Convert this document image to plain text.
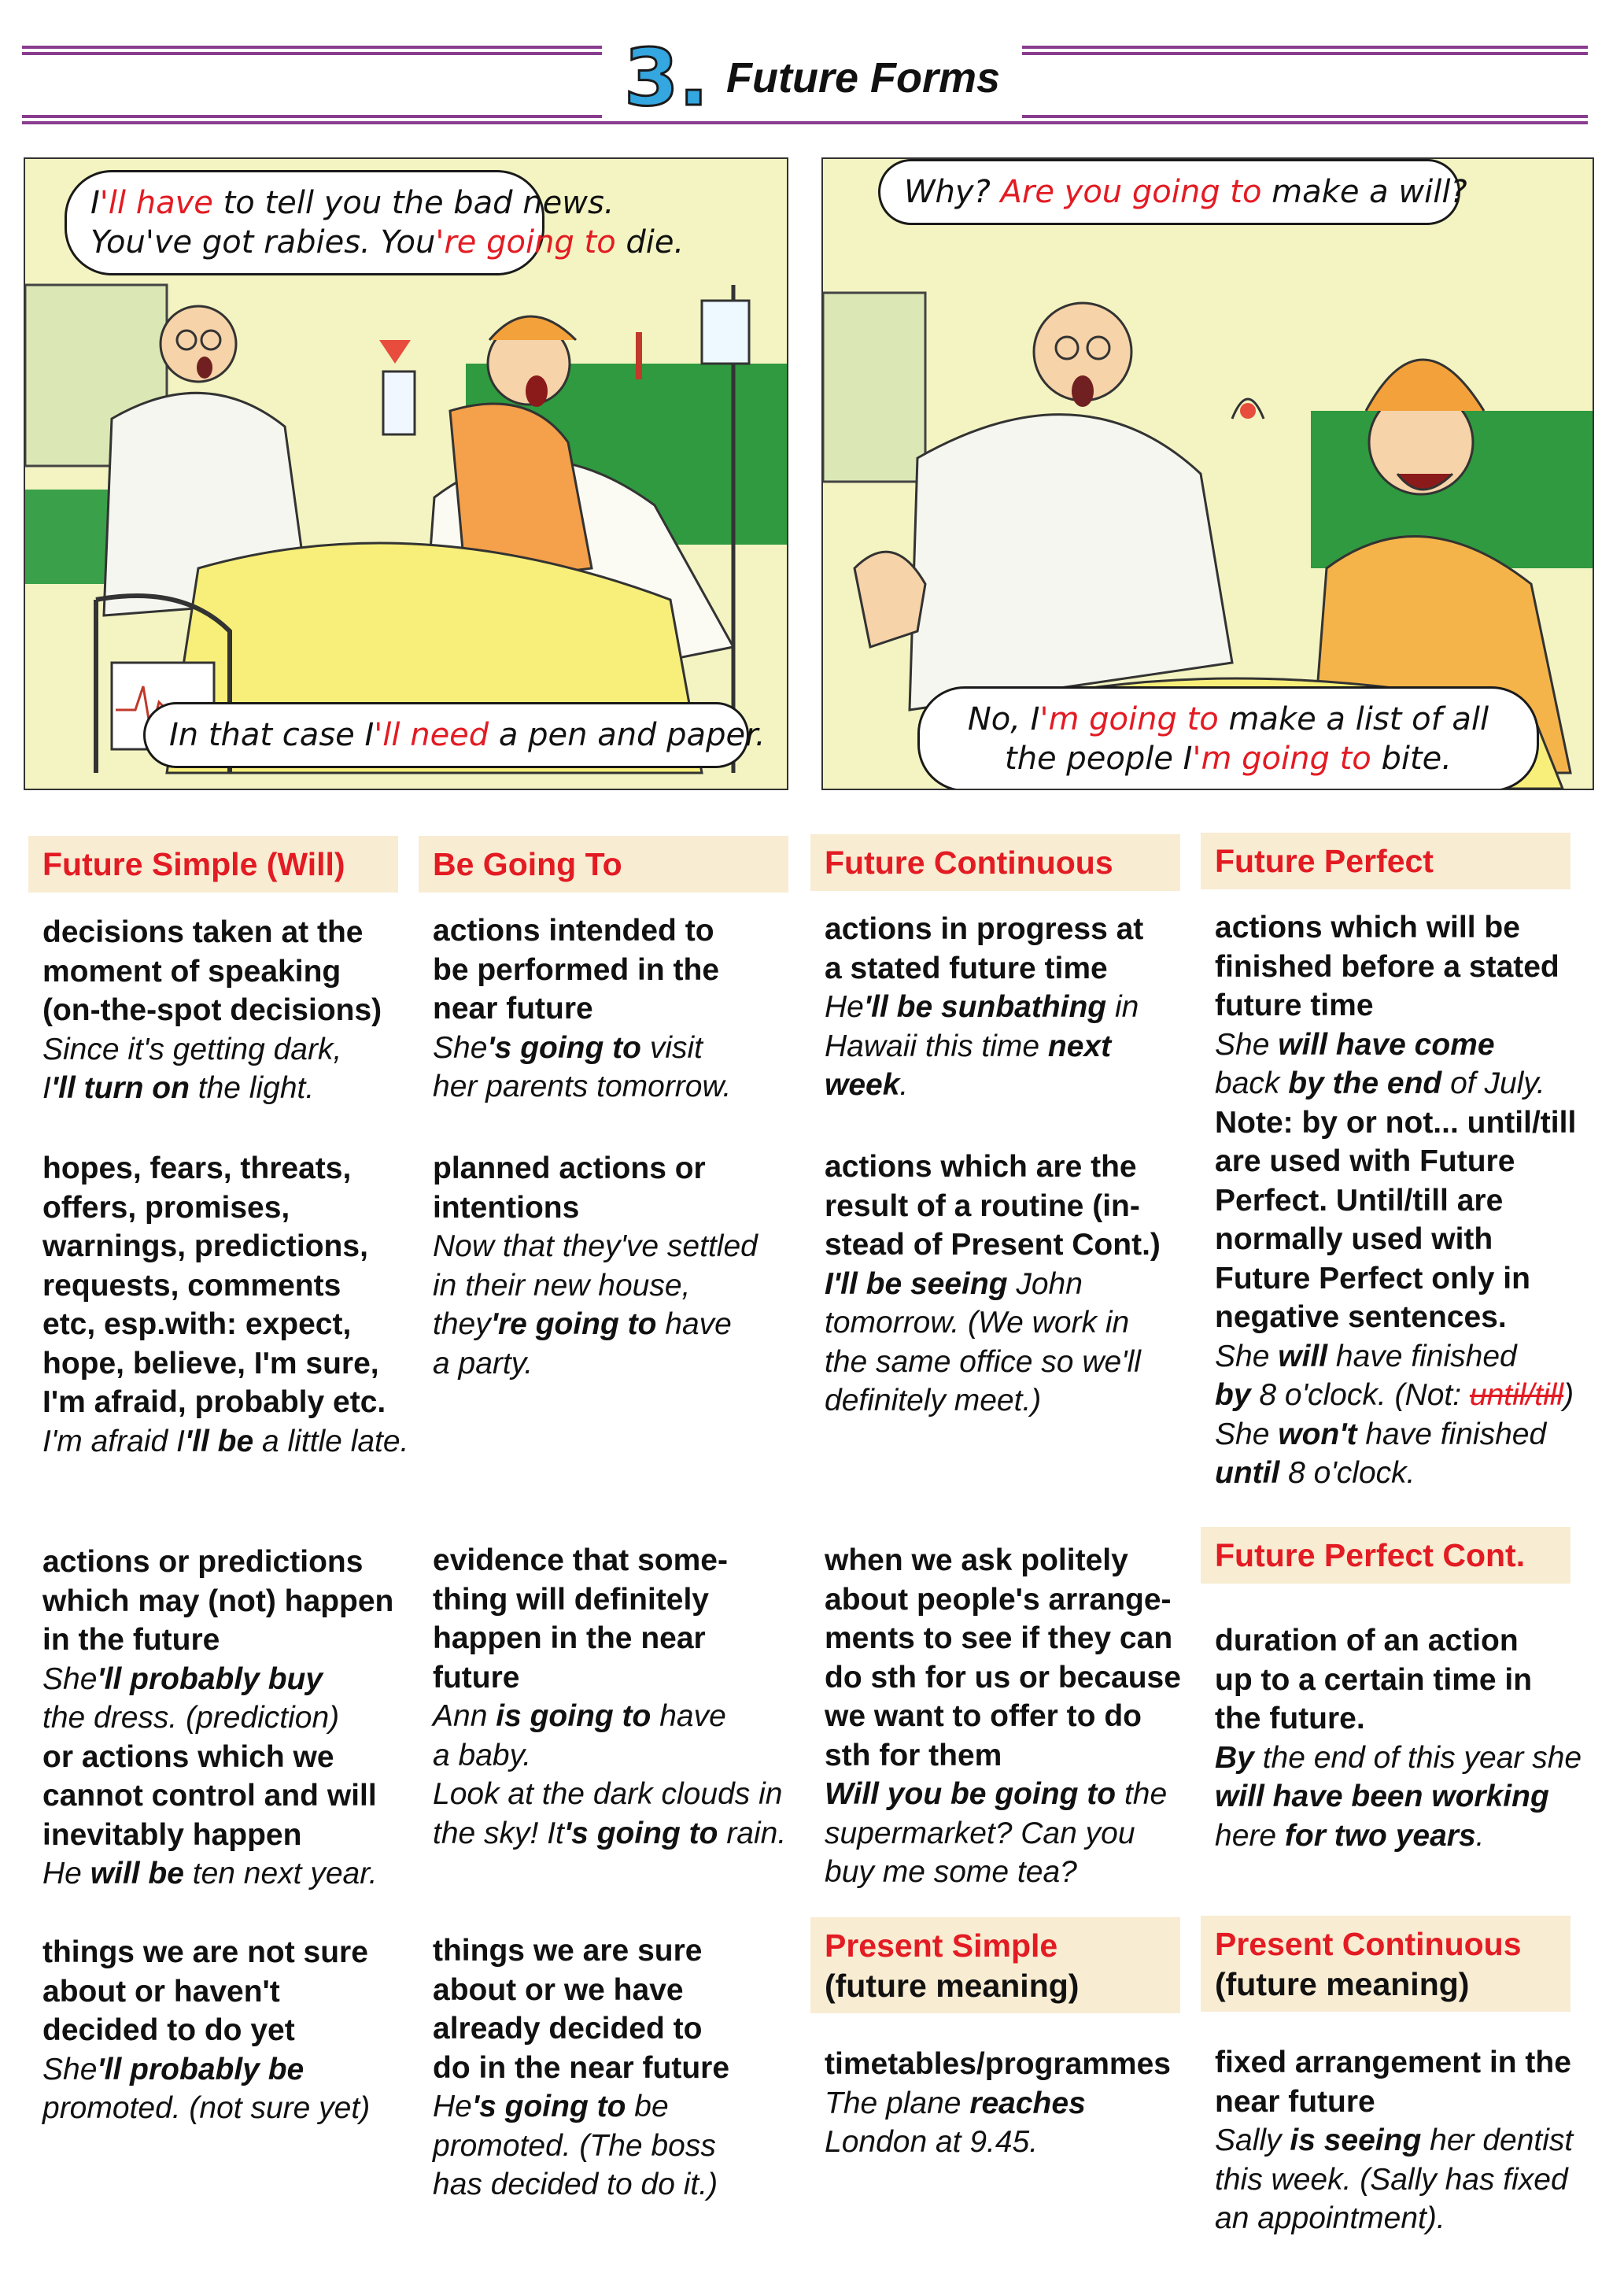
3. Future Forms
I'll have to tell you the bad news.
You've got rabies. You're going to die.
In that case I'll need a pen and paper.
Why? Are you going to make a will?
No, I'm going to make a list of all
the people I'm going to bite.
Future Simple (Will)
decisions taken at the
moment of speaking
(on-the-spot decisions)
Since it's getting dark,
I'll turn on the light.
hopes, fears, threats,
offers, promises,
warnings, predictions,
requests, comments
etc, esp.with: expect,
hope, believe, I'm sure,
I'm afraid, probably etc.
I'm afraid I'll be a little late.
actions or predictions
which may (not) happen
in the future
She'll probably buy
the dress. (prediction)
or actions which we
cannot control and will
inevitably happen
He will be ten next year.
things we are not sure
about or haven't
decided to do yet
She'll probably be
promoted. (not sure yet)
Be Going To
actions intended to
be performed in the
near future
She's going to visit
her parents tomorrow.
planned actions or
intentions
Now that they've settled
in their new house,
they're going to have
a party.
evidence that some-
thing will definitely
happen in the near
future
Ann is going to have
a baby.
Look at the dark clouds in
the sky! It's going to rain.
things we are sure
about or we have
already decided to
do in the near future
He's going to be
promoted. (The boss
has decided to do it.)
Future Continuous
actions in progress at
a stated future time
He'll be sunbathing in
Hawaii this time next
week.
actions which are the
result of a routine (in-
stead of Present Cont.)
I'll be seeing John
tomorrow. (We work in
the same office so we'll
definitely meet.)
when we ask politely
about people's arrange-
ments to see if they can
do sth for us or because
we want to offer to do
sth for them
Will you be going to the
supermarket? Can you
buy me some tea?
Present Simple
(future meaning)
timetables/programmes
The plane reaches
London at 9.45.
Future Perfect
actions which will be
finished before a stated
future time
She will have come
back by the end of July.
Note: by or not... until/till
are used with Future
Perfect. Until/till are
normally used with
Future Perfect only in
negative sentences.
She will have finished
by 8 o'clock. (Not: until/till)
She won't have finished
until 8 o'clock.
Future Perfect Cont.
duration of an action
up to a certain time in
the future.
By the end of this year she
will have been working
here for two years.
Present Continuous
(future meaning)
fixed arrangement in the
near future
Sally is seeing her dentist
this week. (Sally has fixed
an appointment).
